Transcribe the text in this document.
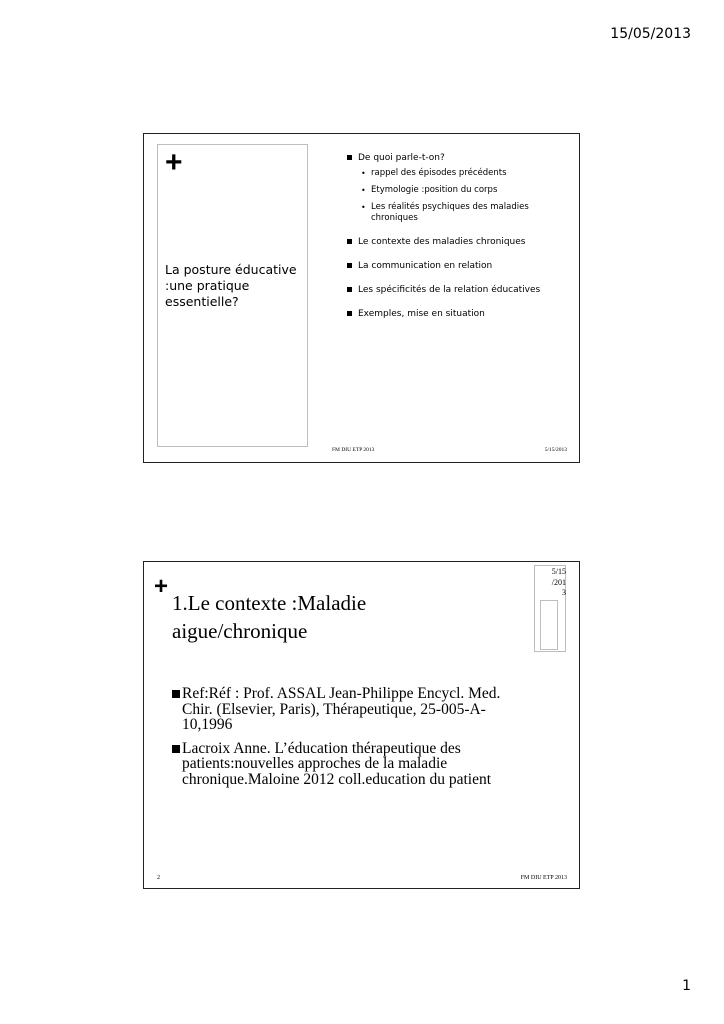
15/05/2013
+
La posture éducative :une pratique essentielle?
De quoi parle-t-on?
• rappel des épisodes précédents
• Etymologie :position du corps
• Les réalités psychiques des maladies chroniques
Le contexte des maladies chroniques
La communication en relation
Les spécificités de la relation éducatives
Exemples, mise en situation
FM DIU ETP 2013	5/15/2013
+
5/15
/201
3
1.Le contexte :Maladie aigue/chronique
Ref:Réf : Prof. ASSAL Jean-Philippe Encycl. Med. Chir. (Elsevier, Paris), Thérapeutique, 25-005-A-10,1996
Lacroix Anne. L’éducation thérapeutique des patients:nouvelles approches de la maladie chronique.Maloine 2012 coll.education du patient
2	FM DIU ETP 2013
1
